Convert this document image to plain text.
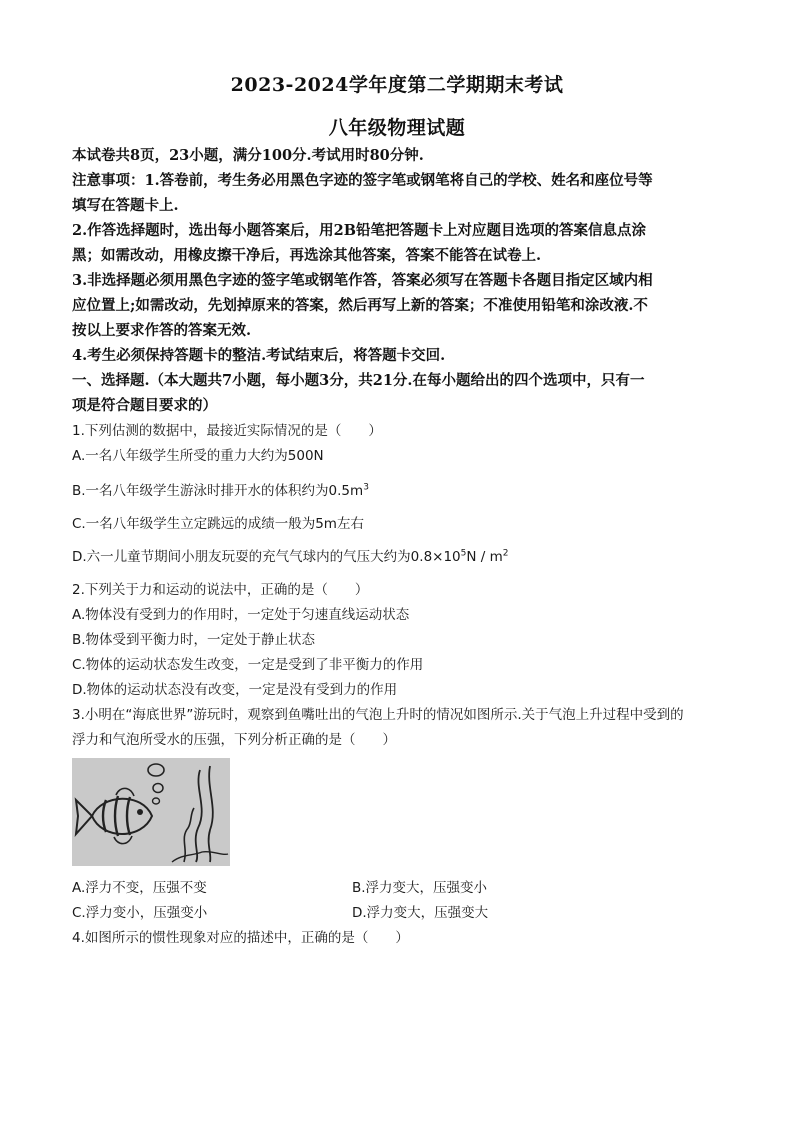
2023-2024学年度第二学期期末考试
八年级物理试题
本试卷共8页，23小题，满分100分.考试用时80分钟.
注意事项：1.答卷前，考生务必用黑色字迹的签字笔或钢笔将自己的学校、姓名和座位号等
填写在答题卡上.
2.作答选择题时，选出每小题答案后，用2B铅笔把答题卡上对应题目选项的答案信息点涂
黑；如需改动，用橡皮擦干净后，再选涂其他答案，答案不能答在试卷上.
3.非选择题必须用黑色字迹的签字笔或钢笔作答，答案必须写在答题卡各题目指定区域内相
应位置上;如需改动，先划掉原来的答案，然后再写上新的答案；不准使用铅笔和涂改液.不
按以上要求作答的答案无效.
4.考生必须保持答题卡的整洁.考试结束后，将答题卡交回.
一、选择题.（本大题共7小题，每小题3分，共21分.在每小题给出的四个选项中，只有一
项是符合题目要求的）
1.下列估测的数据中，最接近实际情况的是（　　）
A.一名八年级学生所受的重力大约为500N
B.一名八年级学生游泳时排开水的体积约为$0.5m^3$
C.一名八年级学生立定跳远的成绩一般为5m左右
D.六一儿童节期间小朋友玩耍的充气气球内的气压大约为$0.8\times 10^5N / m^2$
2.下列关于力和运动的说法中，正确的是（　　）
A.物体没有受到力的作用时，一定处于匀速直线运动状态
B.物体受到平衡力时，一定处于静止状态
C.物体的运动状态发生改变，一定是受到了非平衡力的作用
D.物体的运动状态没有改变，一定是没有受到力的作用
3.小明在“海底世界”游玩时，观察到鱼嘴吐出的气泡上升时的情况如图所示.关于气泡上升过程中受到的
浮力和气泡所受水的压强，下列分析正确的是（　　）
A.浮力不变，压强不变	B.浮力变大，压强变小
C.浮力变小，压强变小	D.浮力变大，压强变大
4.如图所示的惯性现象对应的描述中，正确的是（　　）
